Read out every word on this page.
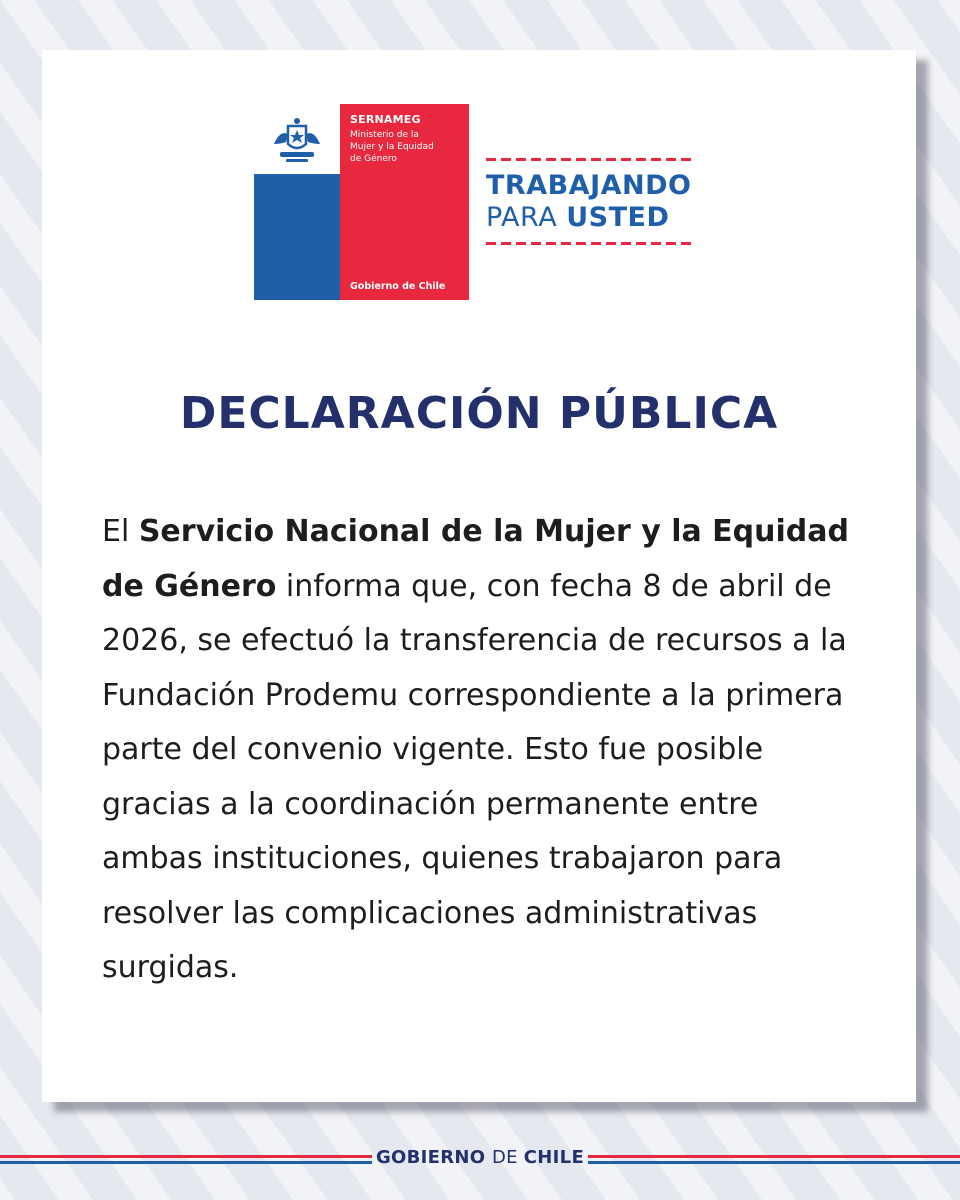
SERNAMEG
Ministerio de la
Mujer y la Equidad
de Género
Gobierno de Chile
TRABAJANDO
PARA USTED
DECLARACIÓN PÚBLICA
El Servicio Nacional de la Mujer y la Equidad de Género informa que, con fecha 8 de abril de 2026, se efectuó la transferencia de recursos a la Fundación Prodemu correspondiente a la primera parte del convenio vigente. Esto fue posible gracias a la coordinación permanente entre ambas instituciones, quienes trabajaron para resolver las complicaciones administrativas surgidas.
GOBIERNO DE CHILE
